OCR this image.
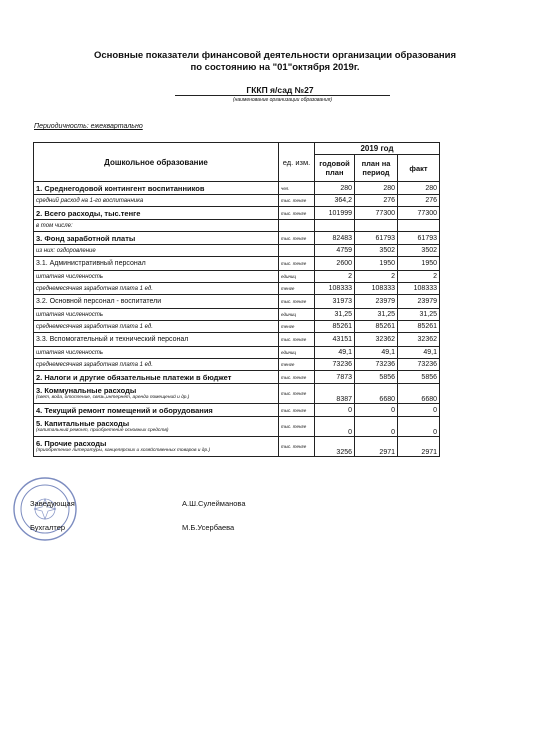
Основные показатели финансовой деятельности организации образования
по состоянию на "01"октября 2019г.
ГККП я/сад №27
(наименование организации образования)
Периодичность: ежеквартально
Дошкольное образование	ед. изм.	2019 год		
		годовой план	план на период	факт
1. Среднегодовой контингент воспитанников	чел.	280	280	280
средний расход на 1-го воспитанника	тыс. тенге	364,2	276	276
2. Всего расходы, тыс.тенге	тыс. тенге	101999	77300	77300
в том числе:				
3. Фонд заработной платы	тыс. тенге	82483	61793	61793
из них: оздоровление		4759	3502	3502
3.1. Административный персонал	тыс. тенге	2600	1950	1950
штатная численность	единиц	2	2	2
среднемесячная заработная плата 1 ед.	тенге	108333	108333	108333
3.2. Основной персонал - воспитатели	тыс. тенге	31973	23979	23979
штатная численность	единиц	31,25	31,25	31,25
среднемесячная заработная плата 1 ед.	тенге	85261	85261	85261
3.3. Вспомогательный и технический персонал	тыс. тенге	43151	32362	32362
штатная численность	единиц	49,1	49,1	49,1
среднемесячная заработная плата 1 ед.	тенге	73236	73236	73236
2. Налоги и другие обязательные платежи в бюджет	тыс. тенге	7873	5856	5856
3. Коммунальные расходы
(свет, вода, отопление, связь,интернет, аренда помещений и др.)	тыс. тенге	8387	6680	6680
4. Текущий ремонт помещений и оборудования	тыс. тенге	0	0	0
5. Капитальные расходы
(капитальный ремонт, приобретение основных средств)	тыс. тенге	0	0	0
6. Прочие расходы
(приобретение литературы, канцелярских и хозяйственных товаров и др.)	тыс. тенге	3256	2971	2971
Заведующая	А.Ш.Сулейманова
Бухгалтер	М.Б.Усербаева
